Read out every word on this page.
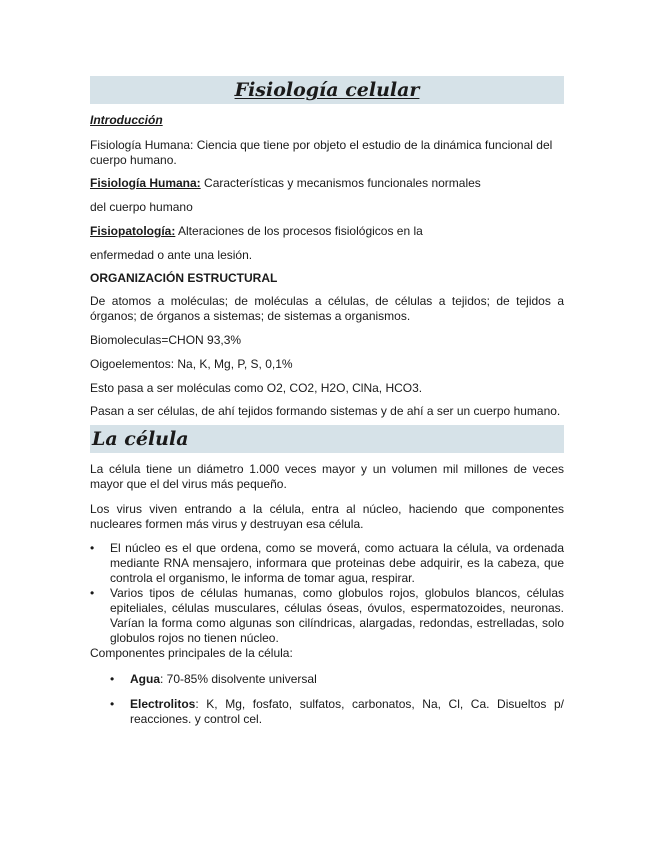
Fisiología celular

Introducción

Fisiología Humana: Ciencia que tiene por objeto el estudio de la dinámica funcional del cuerpo humano.

Fisiología Humana: Características y mecanismos funcionales normales

del cuerpo humano

Fisiopatología: Alteraciones de los procesos fisiológicos en la

enfermedad o ante una lesión.

ORGANIZACIÓN ESTRUCTURAL

De atomos a moléculas; de moléculas a células, de células a tejidos; de tejidos a órganos; de órganos a sistemas; de sistemas a organismos.

Biomoleculas=CHON 93,3%

Oigoelementos: Na, K, Mg, P, S, 0,1%

Esto pasa a ser moléculas como O2, CO2, H2O, ClNa, HCO3.

Pasan a ser células, de ahí tejidos formando sistemas y de ahí a ser un cuerpo humano.

La célula

La célula tiene un diámetro 1.000 veces mayor y un volumen mil millones de veces mayor que el del virus más pequeño.

Los virus viven entrando a la célula, entra al núcleo, haciendo que componentes nucleares formen más virus y destruyan esa célula.

• El núcleo es el que ordena, como se moverá, como actuara la célula, va ordenada mediante RNA mensajero, informara que proteinas debe adquirir, es la cabeza, que controla el organismo, le informa de tomar agua, respirar.
• Varios tipos de células humanas, como globulos rojos, globulos blancos, células epiteliales, células musculares, células óseas, óvulos, espermatozoides, neuronas. Varían la forma como algunas son cilíndricas, alargadas, redondas, estrelladas, solo globulos rojos no tienen núcleo.

Componentes principales de la célula:

• Agua: 70-85% disolvente universal
• Electrolitos: K, Mg, fosfato, sulfatos, carbonatos, Na, Cl, Ca. Disueltos p/ reacciones. y control cel.
